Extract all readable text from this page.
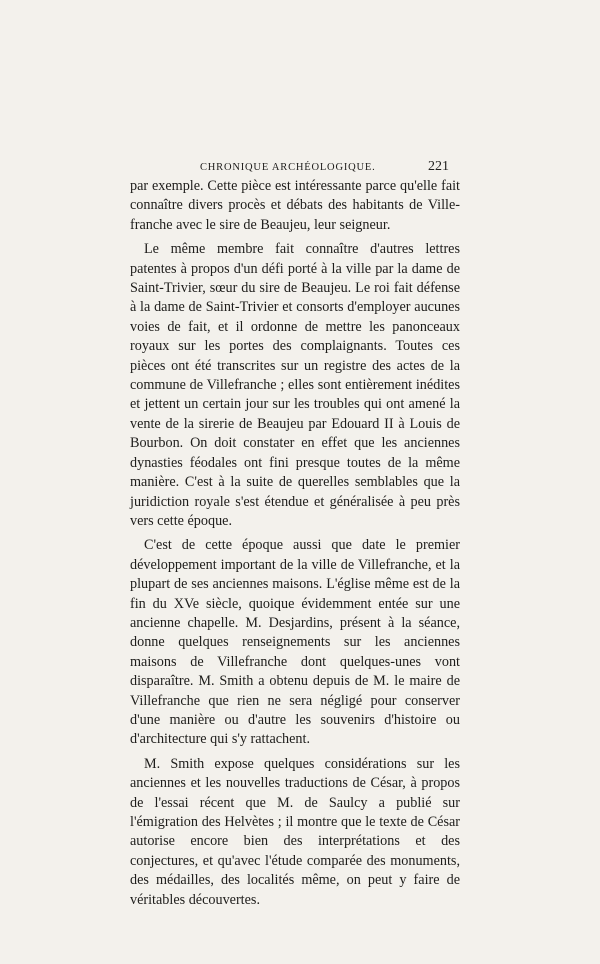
CHRONIQUE ARCHÉOLOGIQUE.	221

par exemple. Cette pièce est intéressante parce qu'elle fait connaître divers procès et débats des habitants de Villefranche avec le sire de Beaujeu, leur seigneur.

Le même membre fait connaître d'autres lettres patentes à propos d'un défi porté à la ville par la dame de Saint-Trivier, sœur du sire de Beaujeu. Le roi fait défense à la dame de Saint-Trivier et consorts d'employer aucunes voies de fait, et il ordonne de mettre les panonceaux royaux sur les portes des complaignants. Toutes ces pièces ont été transcrites sur un registre des actes de la commune de Villefranche ; elles sont entièrement inédites et jettent un certain jour sur les troubles qui ont amené la vente de la sirerie de Beaujeu par Edouard II à Louis de Bourbon. On doit constater en effet que les anciennes dynasties féodales ont fini presque toutes de la même manière. C'est à la suite de querelles semblables que la juridiction royale s'est étendue et généralisée à peu près vers cette époque.

C'est de cette époque aussi que date le premier développement important de la ville de Villefranche, et la plupart de ses anciennes maisons. L'église même est de la fin du XVe siècle, quoique évidemment entée sur une ancienne chapelle. M. Desjardins, présent à la séance, donne quelques renseignements sur les anciennes maisons de Villefranche dont quelques-unes vont disparaître. M. Smith a obtenu depuis de M. le maire de Villefranche que rien ne sera négligé pour conserver d'une manière ou d'autre les souvenirs d'histoire ou d'architecture qui s'y rattachent.

M. Smith expose quelques considérations sur les anciennes et les nouvelles traductions de César, à propos de l'essai récent que M. de Saulcy a publié sur l'émigration des Helvètes ; il montre que le texte de César autorise encore bien des interprétations et des conjectures, et qu'avec l'étude comparée des monuments, des médailles, des localités même, on peut y faire de véritables découvertes.
